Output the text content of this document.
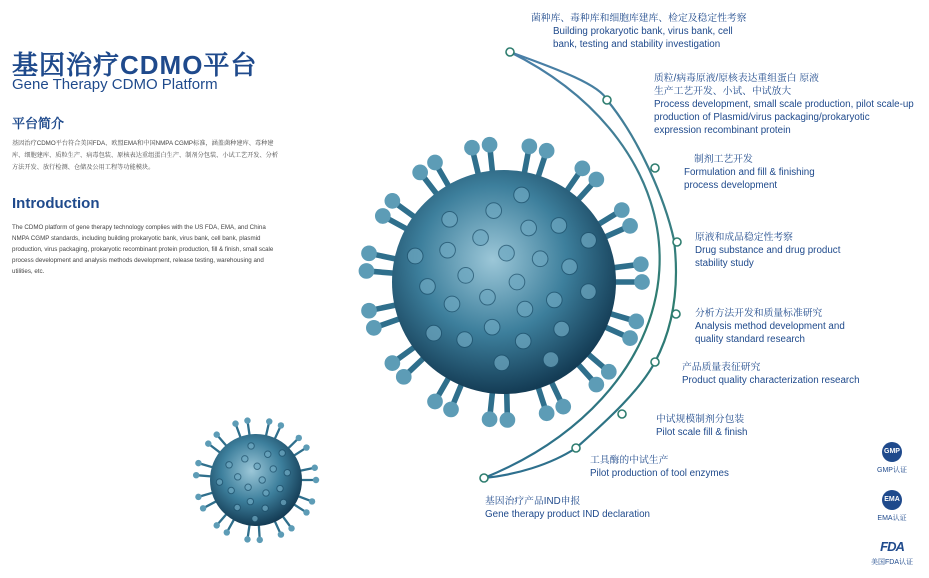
基因治疗CDMO平台
Gene Therapy CDMO Platform
平台简介
基因治疗CDMO平台符合美国FDA、欧盟EMA和中国NMPA CGMP标准，涵盖菌种建库、毒种建库、细胞建库、质粒生产、病毒包装、原核表达重组蛋白生产、制剂分包装、小试工艺开发、分析方法开发、放行检测、仓储及公用工程等功能模块。
Introduction
The CDMO platform of gene therapy technology complies with the US FDA, EMA, and China NMPA CGMP standards, including building prokaryotic bank, virus bank, cell bank, plasmid production, virus packaging, prokaryotic recombinant protein production, fill & finish, small scale process development and analysis methods development, release testing, warehousing and utilities, etc.
菌种库、毒种库和细胞库建库、检定及稳定性考察
Building prokaryotic bank, virus bank, cell bank, testing and stability investigation
质粒/病毒原液/原核表达重组蛋白 原液生产工艺开发、小试、中试放大
Process development, small scale production, pilot scale-up production of Plasmid/virus packaging/prokaryotic expression recombinant protein
制剂工艺开发
Formulation and fill & finishing process development
原液和成品稳定性考察
Drug substance and drug product stability study
分析方法开发和质量标准研究
Analysis method development and quality standard research
产品质量表征研究
Product quality characterization research
中试规模制剂分包装
Pilot scale fill & finish
工具酶的中试生产
Pilot production of tool enzymes
基因治疗产品IND申报
Gene therapy product IND declaration
GMP
GMP认证
EMA
EMA认证
FDA
美国FDA认证
